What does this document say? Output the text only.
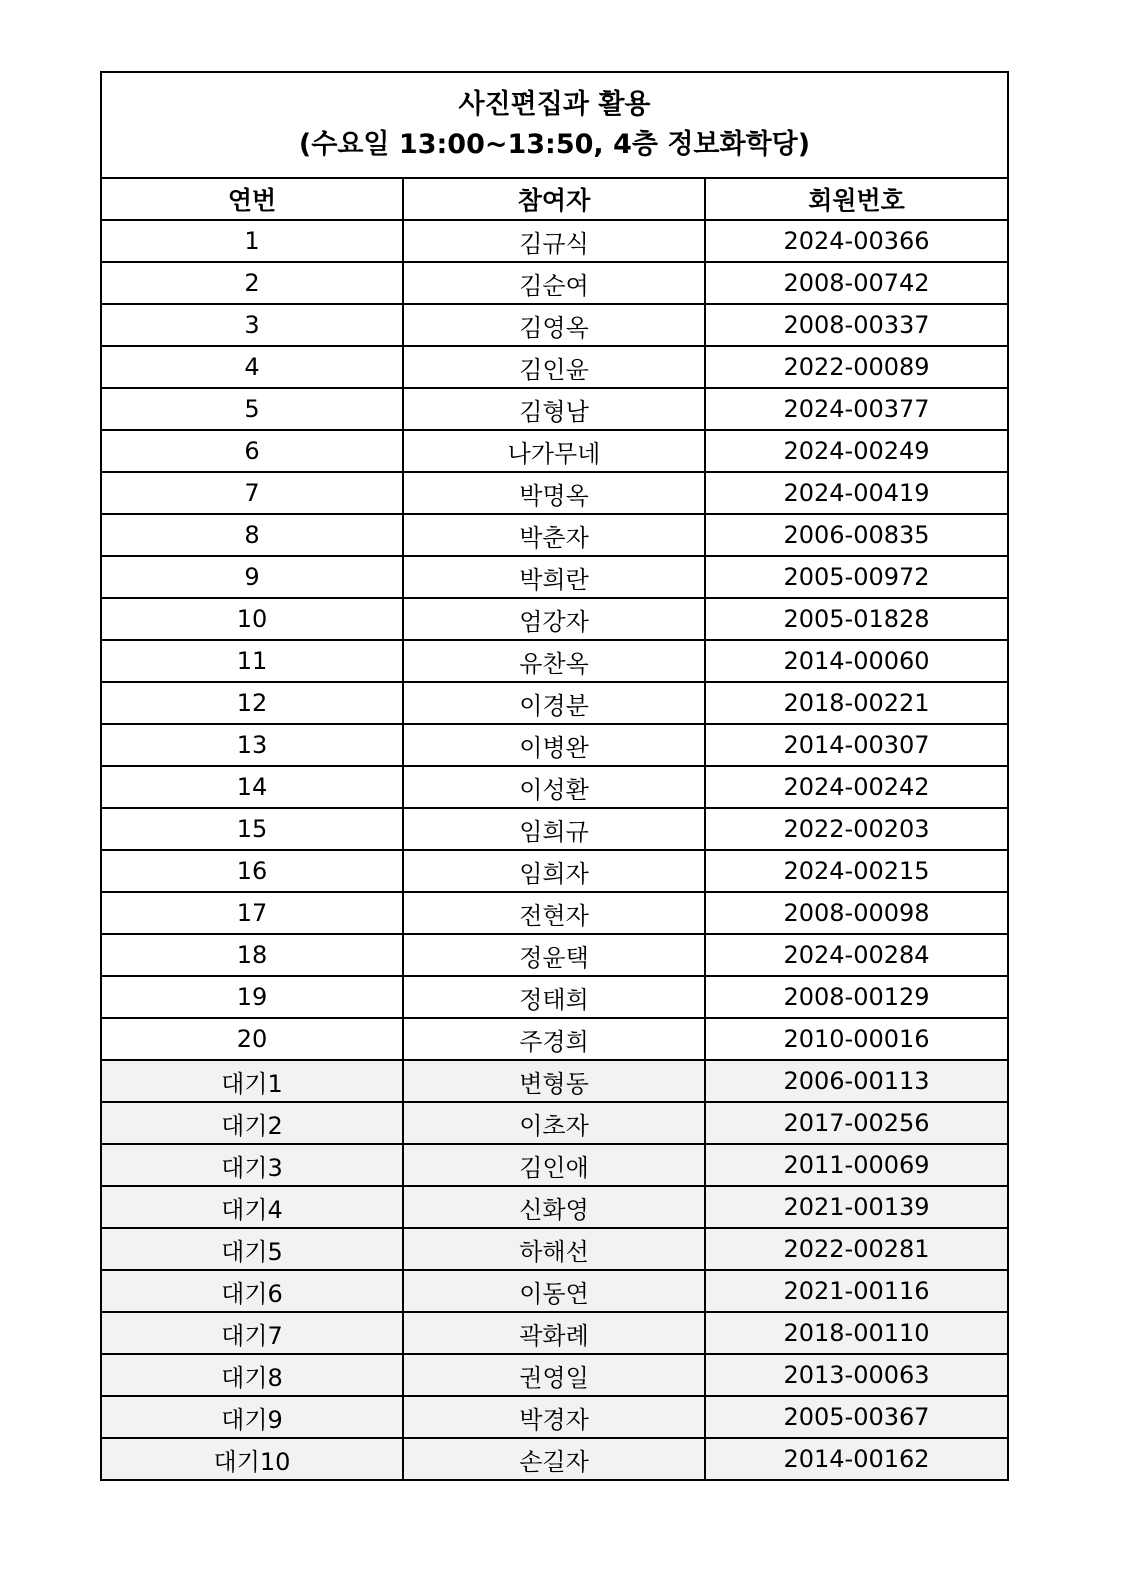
사진편집과 활용
(수요일 13:00~13:50, 4층 정보화학당)		

연번	참여자	회원번호
1	김규식	2024-00366
2	김순여	2008-00742
3	김영옥	2008-00337
4	김인윤	2022-00089
5	김형남	2024-00377
6	나가무네	2024-00249
7	박명옥	2024-00419
8	박춘자	2006-00835
9	박희란	2005-00972
10	엄강자	2005-01828
11	유찬옥	2014-00060
12	이경분	2018-00221
13	이병완	2014-00307
14	이성환	2024-00242
15	임희규	2022-00203
16	임희자	2024-00215
17	전현자	2008-00098
18	정윤택	2024-00284
19	정태희	2008-00129
20	주경희	2010-00016
대기1	변형동	2006-00113
대기2	이초자	2017-00256
대기3	김인애	2011-00069
대기4	신화영	2021-00139
대기5	하해선	2022-00281
대기6	이동연	2021-00116
대기7	곽화례	2018-00110
대기8	권영일	2013-00063
대기9	박경자	2005-00367
대기10	손길자	2014-00162
